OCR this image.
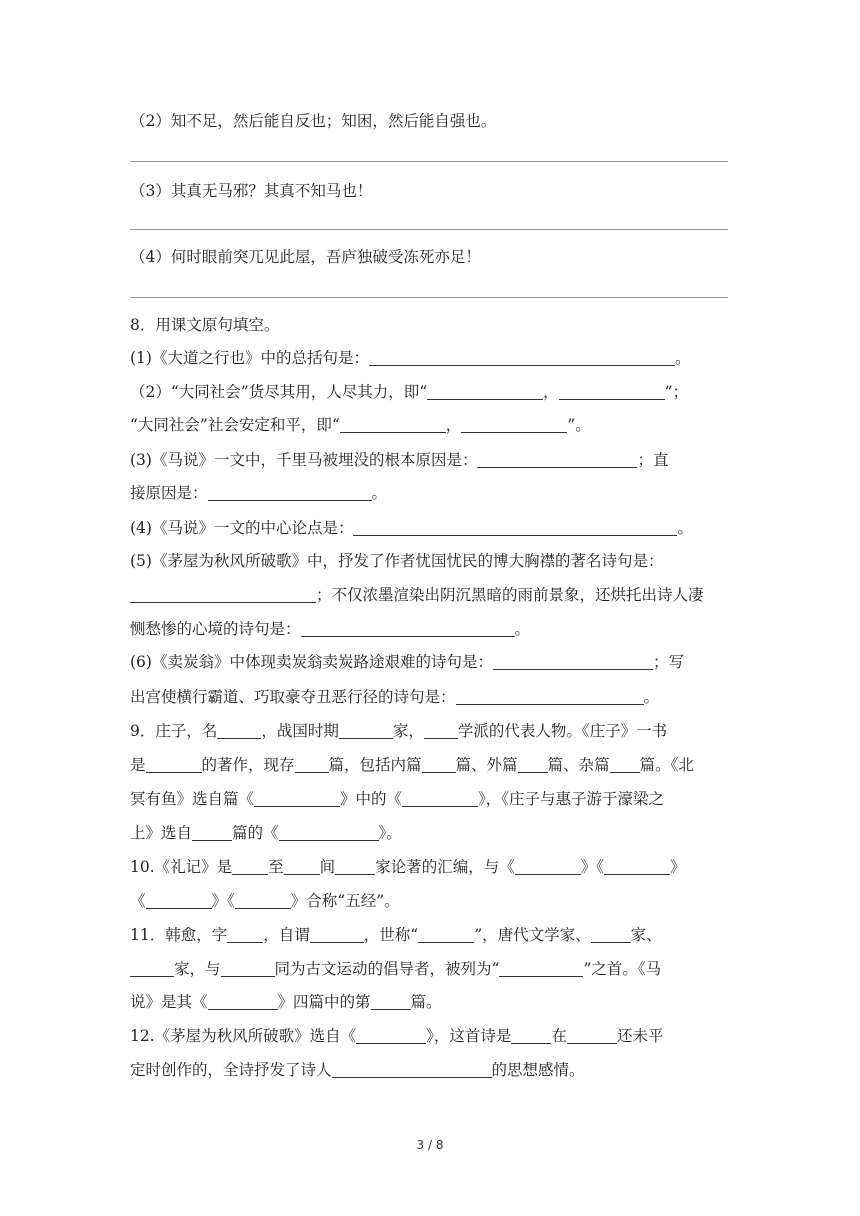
（2）知不足，然后能自反也；知困，然后能自强也。
（3）其真无马邪？其真不知马也！
（4）何时眼前突兀见此屋，吾庐独破受冻死亦足！
8．用课文原句填空。
(1)《大道之行也》中的总括句是：	。
（2）“大同社会”货尽其用，人尽其力，即“	，	”；
“大同社会”社会安定和平，即“	，	”。
(3)《马说》一文中，千里马被埋没的根本原因是：	；直
接原因是：	。
(4)《马说》一文的中心论点是：	。
(5)《茅屋为秋风所破歌》中，抒发了作者忧国忧民的博大胸襟的著名诗句是：
；不仅浓墨渲染出阴沉黑暗的雨前景象，还烘托出诗人凄
恻愁惨的心境的诗句是：	。
(6)《卖炭翁》中体现卖炭翁卖炭路途艰难的诗句是：	；写
出宫使横行霸道、巧取豪夺丑恶行径的诗句是：	。
9．庄子，名	，战国时期	家， 学派的代表人物。《庄子》一书
是	的著作，现存 篇，包括内篇 篇、外篇 篇、杂篇 篇。《北
冥有鱼》选自篇《	》中的《	》，《庄子与惠子游于濠梁之
上》选自	篇的《	》。
10.《礼记》是 至 间	家论著的汇编，与《	》《	》
《	》《	》合称“五经”。
11．韩愈，字 ，自谓	，世称“	”，唐代文学家、	家、
家，与	同为古文运动的倡导者，被列为“	”之首。《马
说》是其《	》四篇中的第	篇。
12.《茅屋为秋风所破歌》选自《	》，这首诗是	在	还未平
定时创作的，全诗抒发了诗人	的思想感情。
3 / 8
